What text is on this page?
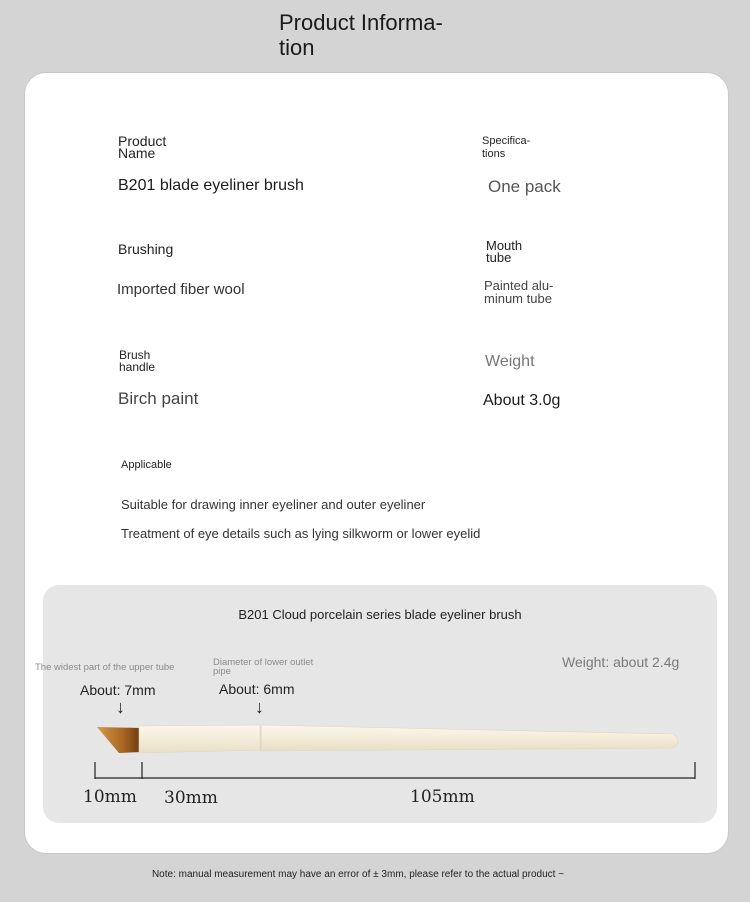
Product Informa-
tion
Product
Name
B201 blade eyeliner brush
Specifica-
tions
One pack
Brushing
Imported fiber wool
Mouth
tube
Painted alu-
minum tube
Brush
handle
Birch paint
Weight
About 3.0g
Applicable
Suitable for drawing inner eyeliner and outer eyeliner
Treatment of eye details such as lying silkworm or lower eyelid
B201 Cloud porcelain series blade eyeliner brush
The widest part of the upper tube
About: 7mm
↓
Diameter of lower outlet
pipe
About: 6mm
↓
Weight: about 2.4g
10mm 30mm	105mm
Note: manual measurement may have an error of ± 3mm, please refer to the actual product ~
